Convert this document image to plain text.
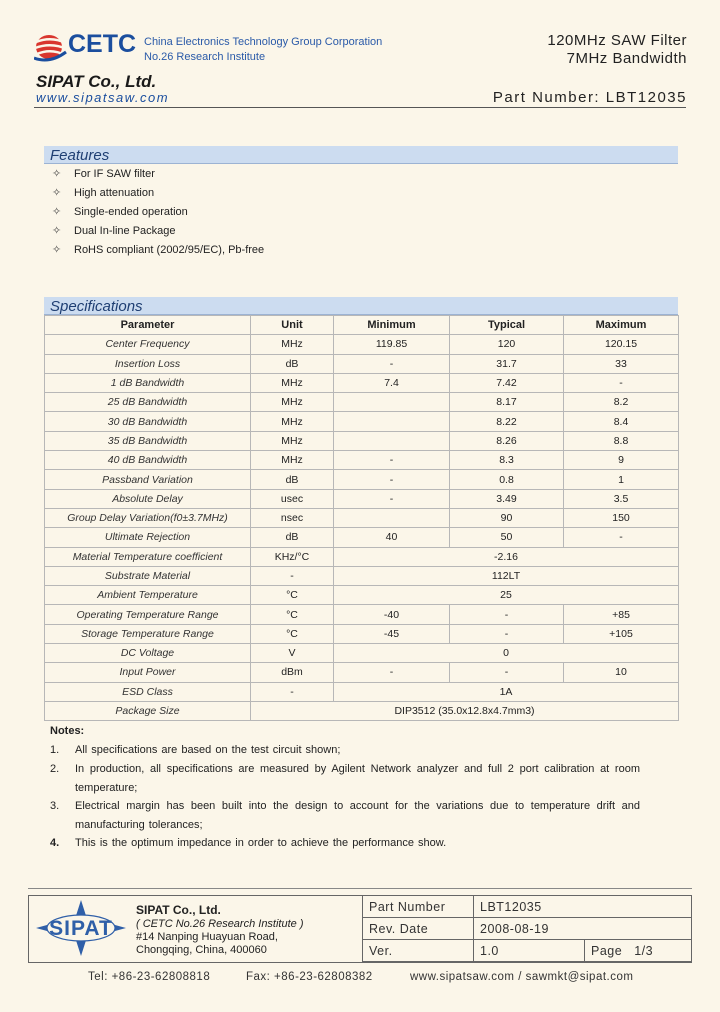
CETC China Electronics Technology Group Corporation
No.26 Research Institute
SIPAT Co., Ltd.
www.sipatsaw.com
120MHz SAW Filter
7MHz Bandwidth
Part Number: LBT12035
Features
✧ For IF SAW filter
✧ High attenuation
✧ Single-ended operation
✧ Dual In-line Package
✧ RoHS compliant (2002/95/EC), Pb-free
Specifications
Parameter	Unit	Minimum	Typical	Maximum
Center Frequency	MHz	119.85	120	120.15
Insertion Loss	dB	-	31.7	33
1 dB Bandwidth	MHz	7.4	7.42	-
25 dB Bandwidth	MHz		8.17	8.2
30 dB Bandwidth	MHz		8.22	8.4
35 dB Bandwidth	MHz		8.26	8.8
40 dB Bandwidth	MHz	-	8.3	9
Passband Variation	dB	-	0.8	1
Absolute Delay	usec	-	3.49	3.5
Group Delay Variation(f0±3.7MHz)	nsec		90	150
Ultimate Rejection	dB	40	50	-
Material Temperature coefficient	KHz/°C	-2.16		
Substrate Material	-	112LT		
Ambient Temperature	°C	25		
Operating Temperature Range	°C	-40	-	+85
Storage Temperature Range	°C	-45	-	+105
DC Voltage	V	0		
Input Power	dBm	-	-	10
ESD Class	-	1A		
Package Size	DIP3512 (35.0x12.8x4.7mm3)			
Notes:
1. All specifications are based on the test circuit shown;
2. In production, all specifications are measured by Agilent Network analyzer and full 2 port calibration at room temperature;
3. Electrical margin has been built into the design to account for the variations due to temperature drift and manufacturing tolerances;
4. This is the optimum impedance in order to achieve the performance show.
SIPAT
SIPAT Co., Ltd.
( CETC No.26 Research Institute )
#14 Nanping Huayuan Road,
Chongqing, China, 400060
Part Number	LBT12035	
Rev. Date	2008-08-19	
Ver.	1.0	Page 1/3
Tel: +86-23-62808818	Fax: +86-23-62808382	www.sipatsaw.com / sawmkt@sipat.com
